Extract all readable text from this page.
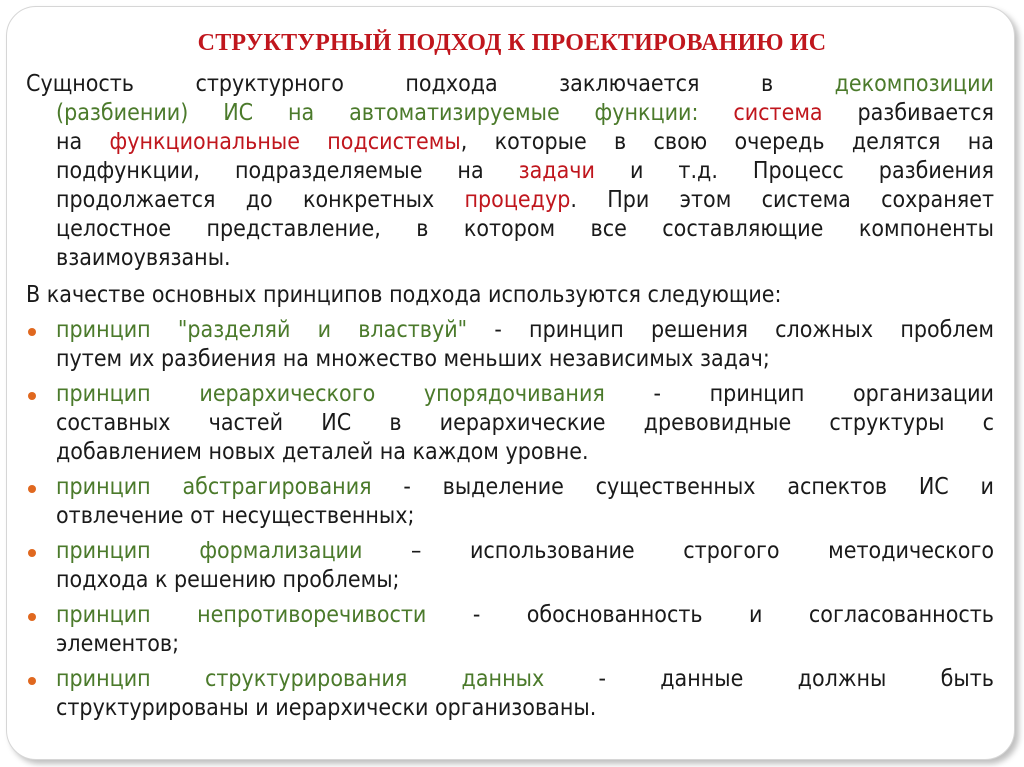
СТРУКТУРНЫЙ ПОДХОД К ПРОЕКТИРОВАНИЮ ИС
Сущность структурного подхода заключается в декомпозиции
(разбиении) ИС на автоматизируемые функции: система разбивается
на функциональные подсистемы, которые в свою очередь делятся на
подфункции, подразделяемые на задачи и т.д. Процесс разбиения
продолжается до конкретных процедур. При этом система сохраняет
целостное представление, в котором все составляющие компоненты
взаимоувязаны.
В качестве основных принципов подхода используются следующие:
принцип "разделяй и властвуй" - принцип решения сложных проблем
путем их разбиения на множество меньших независимых задач;
принцип иерархического упорядочивания - принцип организации
составных частей ИС в иерархические древовидные структуры с
добавлением новых деталей на каждом уровне.
принцип абстрагирования - выделение существенных аспектов ИС и
отвлечение от несущественных;
принцип формализации – использование строгого методического
подхода к решению проблемы;
принцип непротиворечивости - обоснованность и согласованность
элементов;
принцип структурирования данных - данные должны быть
структурированы и иерархически организованы.
